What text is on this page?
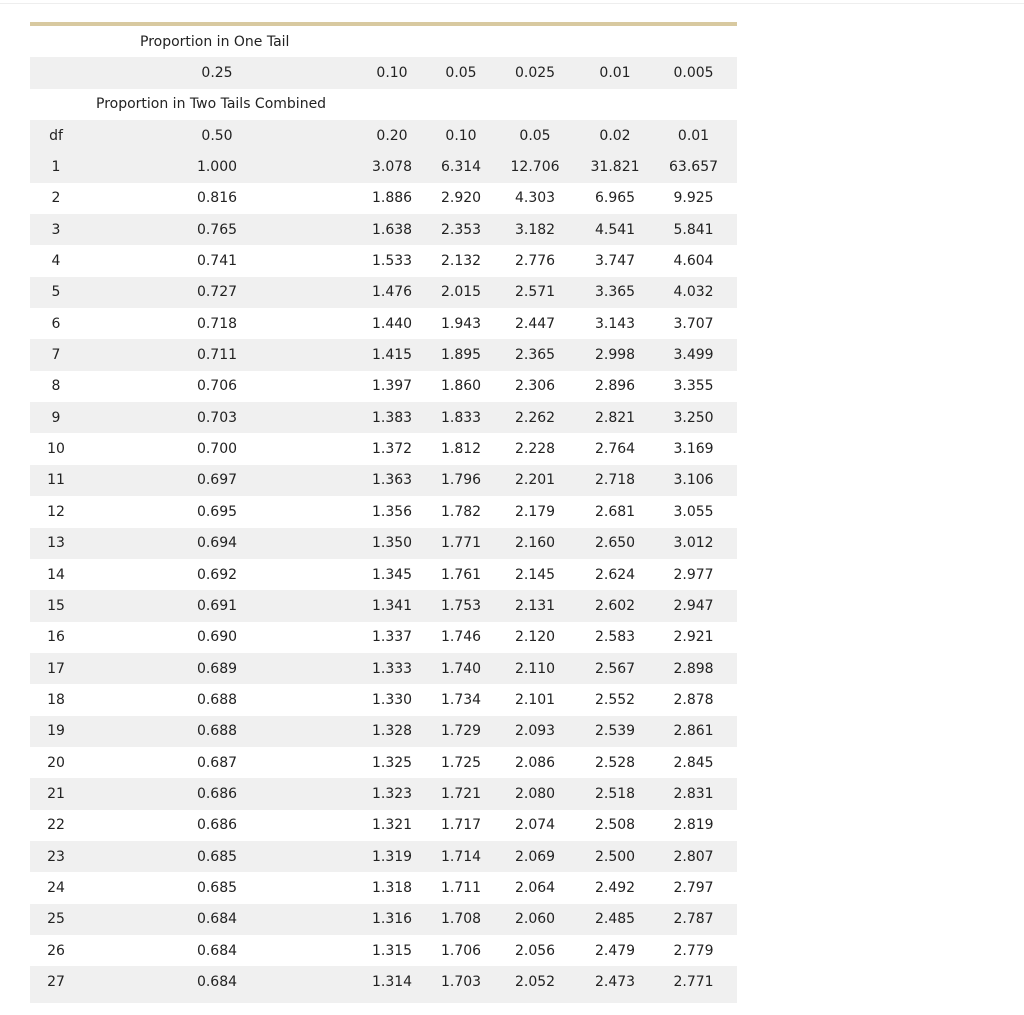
Proportion in One Tail						
	0.25	0.10	0.05	0.025	0.01	0.005
Proportion in Two Tails Combined						
df	0.50	0.20	0.10	0.05	0.02	0.01
1	1.000	3.078	6.314	12.706	31.821	63.657
2	0.816	1.886	2.920	4.303	6.965	9.925
3	0.765	1.638	2.353	3.182	4.541	5.841
4	0.741	1.533	2.132	2.776	3.747	4.604
5	0.727	1.476	2.015	2.571	3.365	4.032
6	0.718	1.440	1.943	2.447	3.143	3.707
7	0.711	1.415	1.895	2.365	2.998	3.499
8	0.706	1.397	1.860	2.306	2.896	3.355
9	0.703	1.383	1.833	2.262	2.821	3.250
10	0.700	1.372	1.812	2.228	2.764	3.169
11	0.697	1.363	1.796	2.201	2.718	3.106
12	0.695	1.356	1.782	2.179	2.681	3.055
13	0.694	1.350	1.771	2.160	2.650	3.012
14	0.692	1.345	1.761	2.145	2.624	2.977
15	0.691	1.341	1.753	2.131	2.602	2.947
16	0.690	1.337	1.746	2.120	2.583	2.921
17	0.689	1.333	1.740	2.110	2.567	2.898
18	0.688	1.330	1.734	2.101	2.552	2.878
19	0.688	1.328	1.729	2.093	2.539	2.861
20	0.687	1.325	1.725	2.086	2.528	2.845
21	0.686	1.323	1.721	2.080	2.518	2.831
22	0.686	1.321	1.717	2.074	2.508	2.819
23	0.685	1.319	1.714	2.069	2.500	2.807
24	0.685	1.318	1.711	2.064	2.492	2.797
25	0.684	1.316	1.708	2.060	2.485	2.787
26	0.684	1.315	1.706	2.056	2.479	2.779
27	0.684	1.314	1.703	2.052	2.473	2.771
